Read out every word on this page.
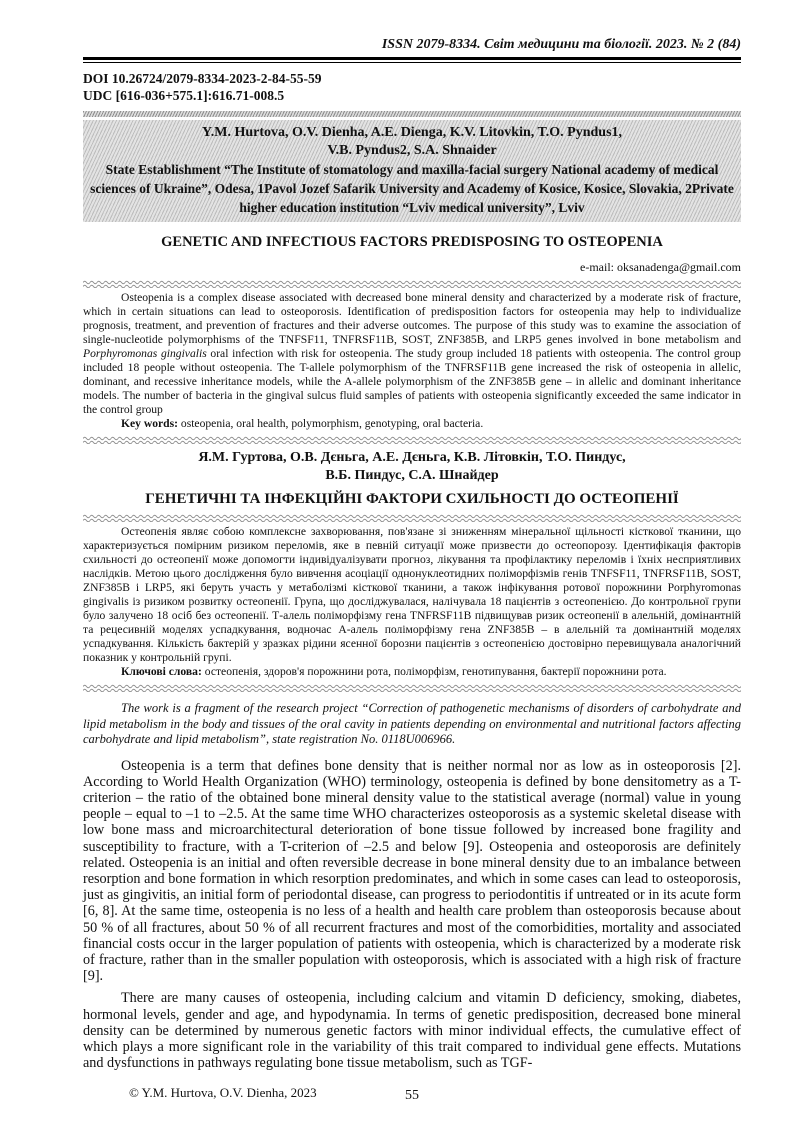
ISSN 2079-8334. Світ медицини та біології. 2023. № 2 (84)
DOI 10.26724/2079-8334-2023-2-84-55-59
UDC [616-036+575.1]:616.71-008.5
Y.M. Hurtova, O.V. Dienha, A.E. Dienga, K.V. Litovkin, T.O. Pyndus1,
V.B. Pyndus2, S.A. Shnaider
State Establishment “The Institute of stomatology and maxilla-facial surgery National academy of medical sciences of Ukraine”, Odesa, 1Pavol Jozef Safarik University and Academy of Kosice, Kosice, Slovakia, 2Private higher education institution “Lviv medical university”, Lviv
GENETIC AND INFECTIOUS FACTORS PREDISPOSING TO OSTEOPENIA
e-mail: oksanadenga@gmail.com

Osteopenia is a complex disease associated with decreased bone mineral density and characterized by a moderate risk of fracture, which in certain situations can lead to osteoporosis. Identification of predisposition factors for osteopenia may help to individualize prognosis, treatment, and prevention of fractures and their adverse outcomes. The purpose of this study was to examine the association of single-nucleotide polymorphisms of the TNFSF11, TNFRSF11B, SOST, ZNF385B, and LRP5 genes involved in bone metabolism and Porphyromonas gingivalis oral infection with risk for osteopenia. The study group included 18 patients with osteopenia. The control group included 18 people without osteopenia. The T-allele polymorphism of the TNFRSF11B gene increased the risk of osteopenia in allelic, dominant, and recessive inheritance models, while the A-allele polymorphism of the ZNF385B gene – in allelic and dominant inheritance models. The number of bacteria in the gingival sulcus fluid samples of patients with osteopenia significantly exceeded the same indicator in the control group

Key words: osteopenia, oral health, polymorphism, genotyping, oral bacteria.

Я.М. Гуртова, О.В. Дєньга, А.Е. Дєньга, К.В. Літовкін, Т.О. Пиндус,
В.Б. Пиндус, С.А. Шнайдер
ГЕНЕТИЧНІ ТА ІНФЕКЦІЙНІ ФАКТОРИ СХИЛЬНОСТІ ДО ОСТЕОПЕНІЇ

Остеопенія являє собою комплексне захворювання, пов'язане зі зниженням мінеральної щільності кісткової тканини, що характеризується помірним ризиком переломів, яке в певній ситуації може призвести до остеопорозу. Ідентифікація факторів схильності до остеопенії може допомогти індивідуалізувати прогноз, лікування та профілактику переломів і їхніх несприятливих наслідків. Метою цього дослідження було вивчення асоціації однонуклеотидних поліморфізмів генів TNFSF11, TNFRSF11B, SOST, ZNF385B і LRP5, які беруть участь у метаболізмі кісткової тканини, а також інфікування ротової порожнини Porphyromonas gingivalis із ризиком розвитку остеопенії. Група, що досліджувалася, налічувала 18 пацієнтів з остеопенією. До контрольної групи було залучено 18 осіб без остеопенії. Т-алель поліморфізму гена TNFRSF11B підвищував ризик остеопенії в алельній, домінантній та рецесивній моделях успадкування, водночас А-алель поліморфізму гена ZNF385B – в алельній та домінантній моделях успадкування. Кількість бактерій у зразках рідини ясенної борозни пацієнтів з остеопенією достовірно перевищувала аналогічний показник у контрольній групі.

Ключові слова: остеопенія, здоров'я порожнини рота, поліморфізм, генотипування, бактерії порожнини рота.

The work is a fragment of the research project “Correction of pathogenetic mechanisms of disorders of carbohydrate and lipid metabolism in the body and tissues of the oral cavity in patients depending on environmental and nutritional factors affecting carbohydrate and lipid metabolism”, state registration No. 0118U006966.

Osteopenia is a term that defines bone density that is neither normal nor as low as in osteoporosis [2]. According to World Health Organization (WHO) terminology, osteopenia is defined by bone densitometry as a T-criterion – the ratio of the obtained bone mineral density value to the statistical average (normal) value in young people – equal to –1 to –2.5. At the same time WHO characterizes osteoporosis as a systemic skeletal disease with low bone mass and microarchitectural deterioration of bone tissue followed by increased bone fragility and susceptibility to fracture, with a T-criterion of –2.5 and below [9]. Osteopenia and osteoporosis are definitely related. Osteopenia is an initial and often reversible decrease in bone mineral density due to an imbalance between resorption and bone formation in which resorption predominates, and which in some cases can lead to osteoporosis, just as gingivitis, an initial form of periodontal disease, can progress to periodontitis if untreated or in its acute form [6, 8]. At the same time, osteopenia is no less of a health and health care problem than osteoporosis because about 50 % of all fractures, about 50 % of all recurrent fractures and most of the comorbidities, mortality and associated financial costs occur in the larger population of patients with osteopenia, which is characterized by a moderate risk of fracture, rather than in the smaller population with osteoporosis, which is associated with a high risk of fracture [9].

There are many causes of osteopenia, including calcium and vitamin D deficiency, smoking, diabetes, hormonal levels, gender and age, and hypodynamia. In terms of genetic predisposition, decreased bone mineral density can be determined by numerous genetic factors with minor individual effects, the cumulative effect of which plays a more significant role in the variability of this trait compared to individual gene effects. Mutations and dysfunctions in pathways regulating bone tissue metabolism, such as TGF-

© Y.M. Hurtova, O.V. Dienha, 2023	55
